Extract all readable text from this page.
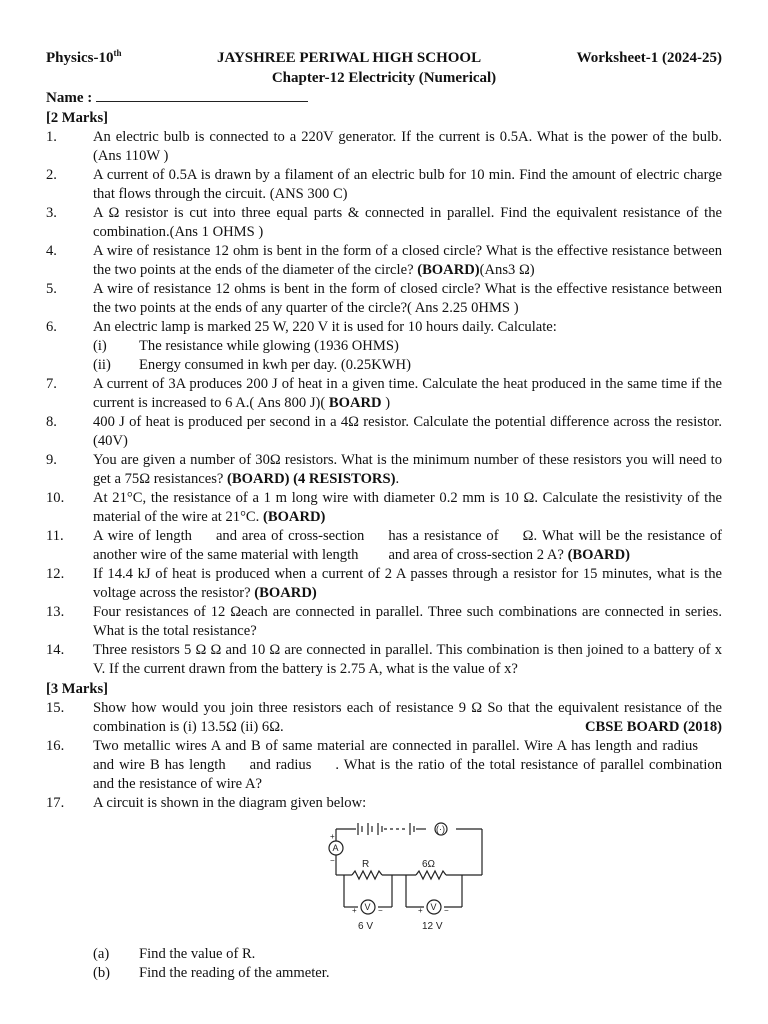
Physics-10th	JAYSHREE PERIWAL HIGH SCHOOL	Worksheet-1 (2024-25)
Chapter-12 Electricity (Numerical)
Name :
[2 Marks]
1.	An electric bulb is connected to a 220V generator. If the current is 0.5A. What is the power of the bulb. (Ans 110W )
2.	A current of 0.5A is drawn by a filament of an electric bulb for 10 min. Find the amount of electric charge that flows through the circuit. (ANS 300 C)
3.	A Ω resistor is cut into three equal parts & connected in parallel. Find the equivalent resistance of the combination.(Ans 1 OHMS )
4.	A wire of resistance 12 ohm is bent in the form of a closed circle? What is the effective resistance between the two points at the ends of the diameter of the circle? (BOARD)(Ans3 Ω)
5.	A wire of resistance 12 ohms is bent in the form of closed circle? What is the effective resistance between the two points at the ends of any quarter of the circle?( Ans 2.25 0HMS )
6.	An electric lamp is marked 25 W, 220 V it is used for 10 hours daily. Calculate:
(i)	The resistance while glowing (1936 OHMS)
(ii)	Energy consumed in kwh per day. (0.25KWH)
7.	A current of 3A produces 200 J of heat in a given time. Calculate the heat produced in the same time if the current is increased to 6 A.( Ans 800 J)( BOARD )
8.	400 J of heat is produced per second in a 4Ω resistor. Calculate the potential difference across the resistor.(40V)
9.	You are given a number of 30Ω resistors. What is the minimum number of these resistors you will need to get a 75Ω resistances? (BOARD) (4 RESISTORS).
10.	At 21°C, the resistance of a 1 m long wire with diameter 0.2 mm is 10 Ω. Calculate the resistivity of the material of the wire at 21°C. (BOARD)
11.	A wire of length and area of cross-section has a resistance of Ω. What will be the resistance of another wire of the same material with length and area of cross-section 2 A? (BOARD)
12.	If 14.4 kJ of heat is produced when a current of 2 A passes through a resistor for 15 minutes, what is the voltage across the resistor? (BOARD)
13.	Four resistances of 12 Ωeach are connected in parallel. Three such combinations are connected in series. What is the total resistance?
14.	Three resistors 5 Ω Ω and 10 Ω are connected in parallel. This combination is then joined to a battery of x V. If the current drawn from the battery is 2.75 A, what is the value of x?
[3 Marks]
15.	Show how would you join three resistors each of resistance 9 Ω So that the equivalent resistance of the combination is (i) 13.5Ω (ii) 6Ω.	CBSE BOARD (2018)
16.	Two metallic wires A and B of same material are connected in parallel. Wire A has length and radiusand wire B has length and radius . What is the ratio of the total resistance of parallel combination and the resistance of wire A?
17.	A circuit is shown in the diagram given below:
A
V	V
(·)
+
−
+	−	+	−
R	6Ω
6 V	12 V
(a)	Find the value of R.
(b)	Find the reading of the ammeter.
